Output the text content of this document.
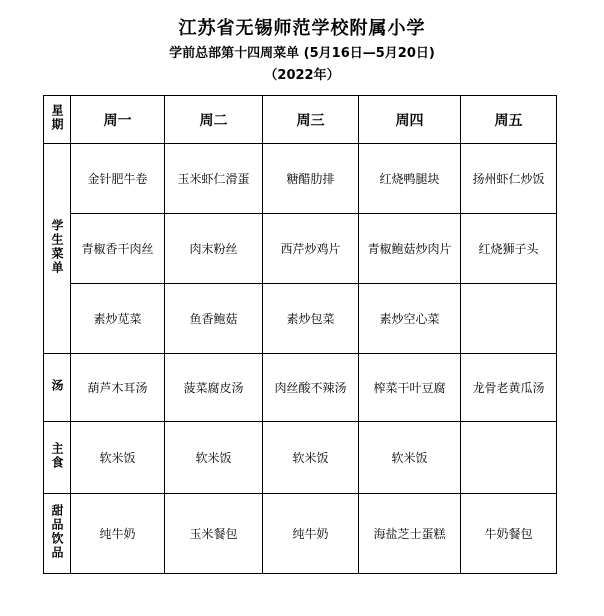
江苏省无锡师范学校附属小学
学前总部第十四周菜单 (5月16日—5月20日)
（2022年）
星期	周一	周二	周三	周四	周五
学生菜单	金针肥牛卷	玉米虾仁滑蛋	糖醋肋排	红烧鸭腿块	扬州虾仁炒饭
	青椒香干肉丝	肉末粉丝	西芹炒鸡片	青椒鲍菇炒肉片	红烧狮子头
	素炒苋菜	鱼香鲍菇	素炒包菜	素炒空心菜	
汤	葫芦木耳汤	菠菜腐皮汤	肉丝酸不辣汤	榨菜干叶豆腐	龙骨老黄瓜汤
主食	软米饭	软米饭	软米饭	软米饭	
甜品饮品	纯牛奶	玉米餐包	纯牛奶	海盐芝士蛋糕	牛奶餐包
